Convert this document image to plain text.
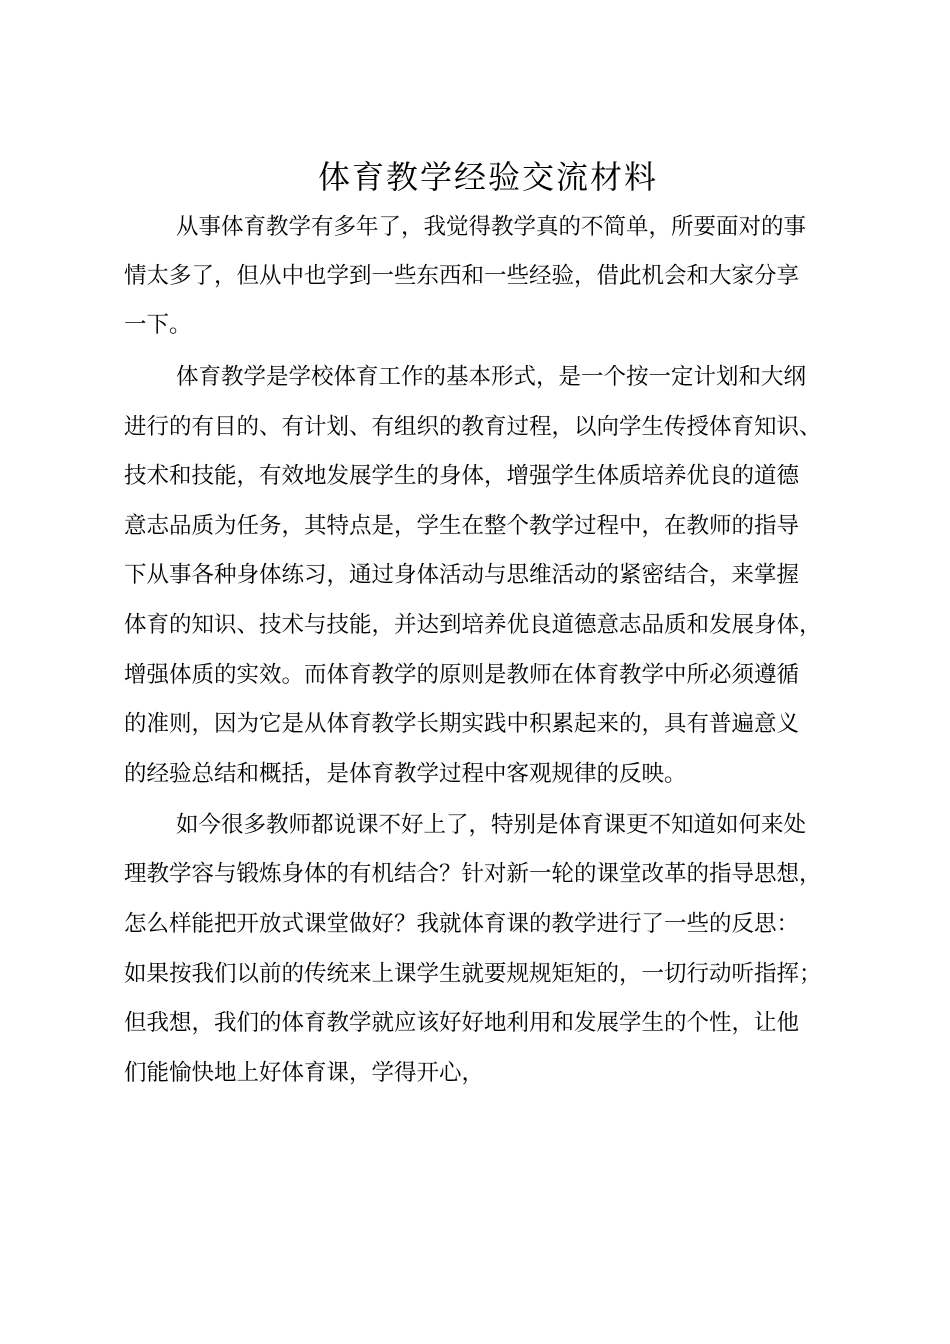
体育教学经验交流材料

从事体育教学有多年了，我觉得教学真的不简单，所要面对的事

情太多了，但从中也学到一些东西和一些经验，借此机会和大家分享

一下。

体育教学是学校体育工作的基本形式，是一个按一定计划和大纲

进行的有目的、有计划、有组织的教育过程，以向学生传授体育知识、

技术和技能，有效地发展学生的身体，增强学生体质培养优良的道德

意志品质为任务，其特点是，学生在整个教学过程中，在教师的指导

下从事各种身体练习，通过身体活动与思维活动的紧密结合，来掌握

体育的知识、技术与技能，并达到培养优良道德意志品质和发展身体，

增强体质的实效。而体育教学的原则是教师在体育教学中所必须遵循

的准则，因为它是从体育教学长期实践中积累起来的，具有普遍意义

的经验总结和概括，是体育教学过程中客观规律的反映。

如今很多教师都说课不好上了，特别是体育课更不知道如何来处

理教学容与锻炼身体的有机结合？针对新一轮的课堂改革的指导思想，

怎么样能把开放式课堂做好？我就体育课的教学进行了一些的反思：

如果按我们以前的传统来上课学生就要规规矩矩的，一切行动听指挥；

但我想，我们的体育教学就应该好好地利用和发展学生的个性，让他

们能愉快地上好体育课，学得开心，
